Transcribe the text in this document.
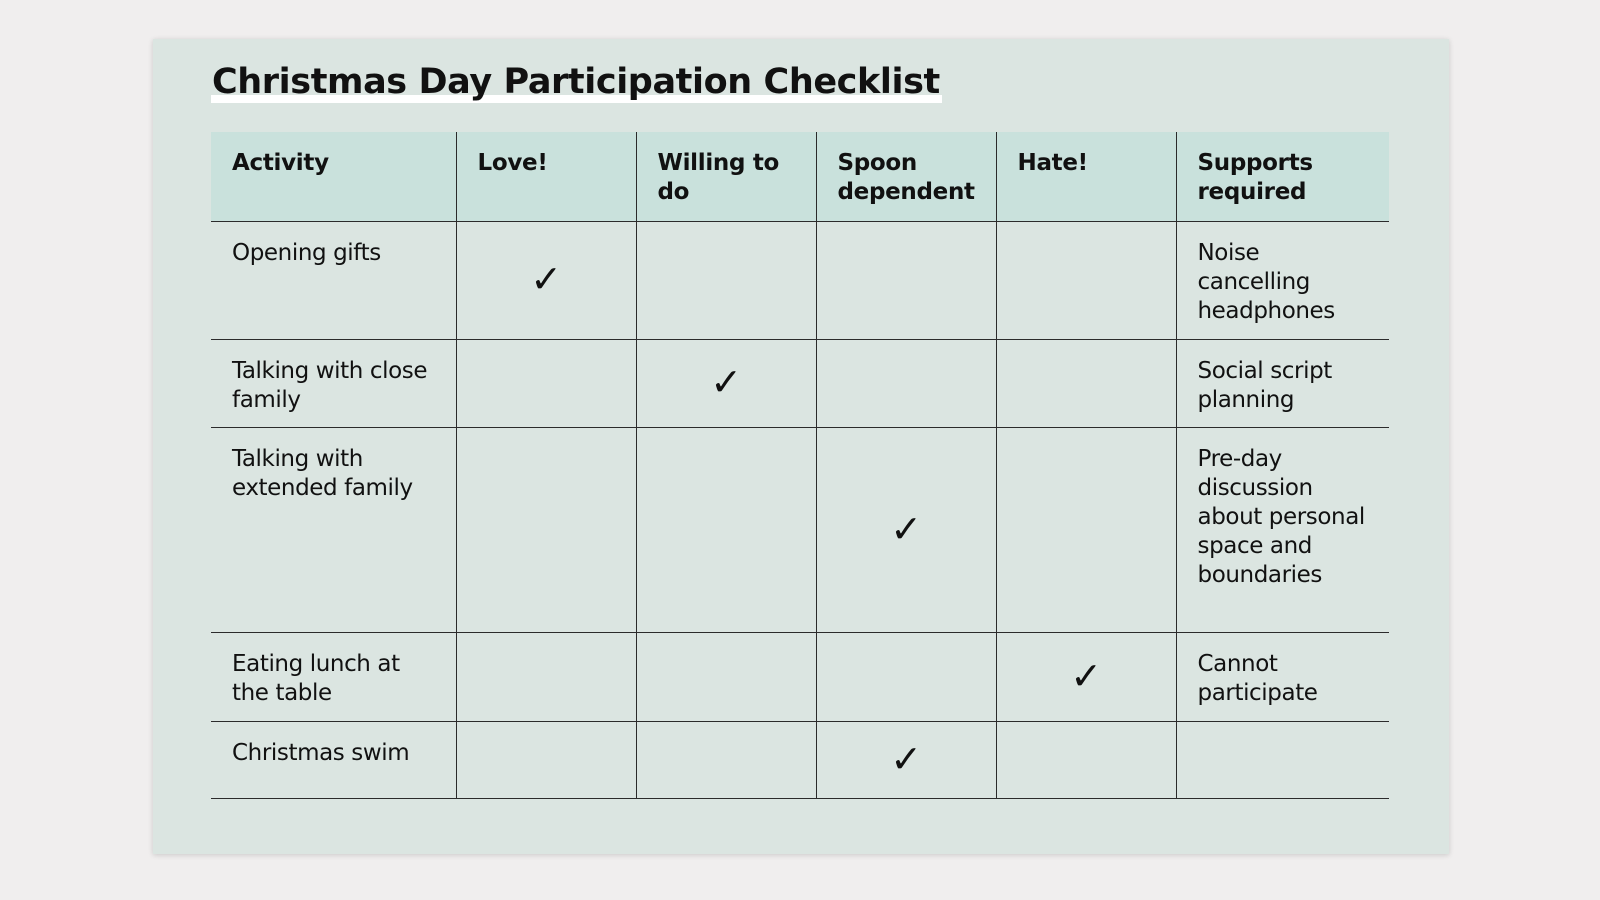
Christmas Day Participation Checklist
Activity	Love!	Willing to do	Spoon dependent	Hate!	Supports required
Opening gifts	✓				Noise cancelling headphones
Talking with close family		✓			Social script planning
Talking with extended family			✓		Pre-day discussion about personal space and boundaries
Eating lunch at the table				✓	Cannot participate
Christmas swim			✓		
